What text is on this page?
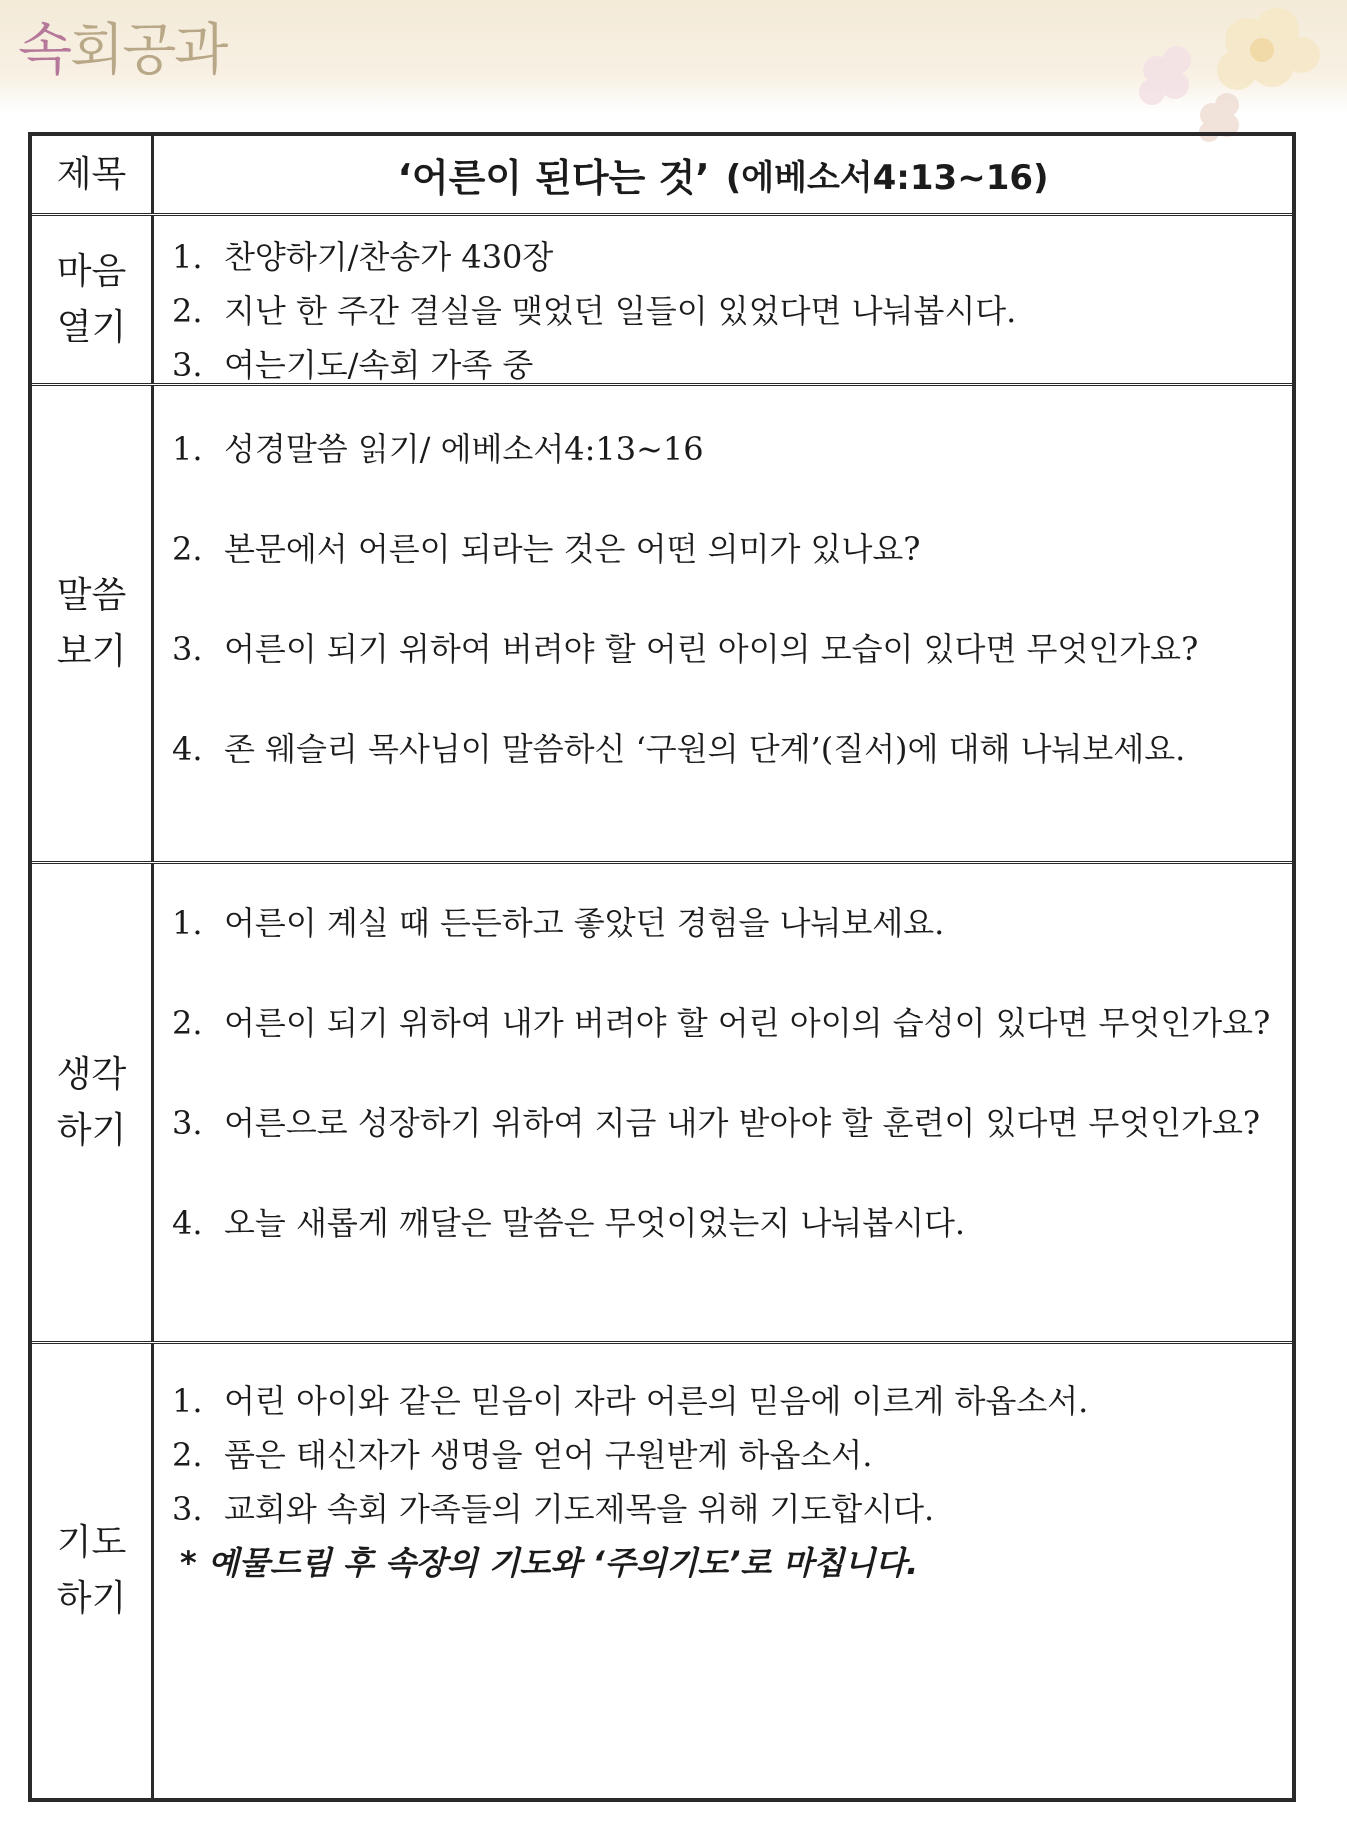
속회공과
제목	‘어른이 된다는 것’ (에베소서4:13~16)
마음
열기
1. 찬양하기/찬송가 430장
2. 지난 한 주간 결실을 맺었던 일들이 있었다면 나눠봅시다.
3. 여는기도/속회 가족 중
말씀
보기
1. 성경말씀 읽기/ 에베소서4:13~16
2. 본문에서 어른이 되라는 것은 어떤 의미가 있나요?
3. 어른이 되기 위하여 버려야 할 어린 아이의 모습이 있다면 무엇인가요?
4. 존 웨슬리 목사님이 말씀하신 ‘구원의 단계’(질서)에 대해 나눠보세요.
생각
하기
1. 어른이 계실 때 든든하고 좋았던 경험을 나눠보세요.
2. 어른이 되기 위하여 내가 버려야 할 어린 아이의 습성이 있다면 무엇인가요?
3. 어른으로 성장하기 위하여 지금 내가 받아야 할 훈련이 있다면 무엇인가요?
4. 오늘 새롭게 깨달은 말씀은 무엇이었는지 나눠봅시다.
기도
하기
1. 어린 아이와 같은 믿음이 자라 어른의 믿음에 이르게 하옵소서.
2. 품은 태신자가 생명을 얻어 구원받게 하옵소서.
3. 교회와 속회 가족들의 기도제목을 위해 기도합시다.
* 예물드림 후 속장의 기도와 ‘주의기도’로 마칩니다.
